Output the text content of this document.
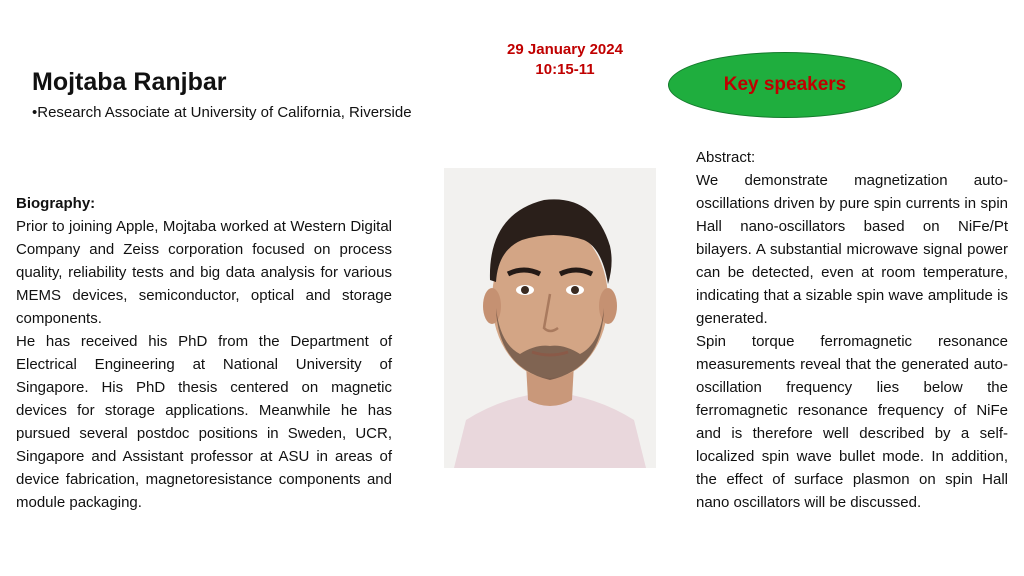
29 January 2024
10:15-11
Mojtaba Ranjbar
•Research Associate at University of California, Riverside
Key speakers

Biography:

Prior to joining Apple, Mojtaba worked at Western Digital Company and Zeiss corporation focused on process quality, reliability tests and big data analysis for various MEMS devices, semiconductor, optical and storage components.

He has received his PhD from the Department of Electrical Engineering at National University of Singapore. His PhD thesis centered on magnetic devices for storage applications. Meanwhile he has pursued several postdoc positions in Sweden, UCR, Singapore and Assistant professor at ASU in areas of device fabrication, magnetoresistance components and module packaging.

Abstract:

We demonstrate magnetization auto-oscillations driven by pure spin currents in spin Hall nano-oscillators based on NiFe/Pt bilayers. A substantial microwave signal power can be detected, even at room temperature, indicating that a sizable spin wave amplitude is generated.

Spin torque ferromagnetic resonance measurements reveal that the generated auto-oscillation frequency lies below the ferromagnetic resonance frequency of NiFe and is therefore well described by a self-localized spin wave bullet mode. In addition, the effect of surface plasmon on spin Hall nano oscillators will be discussed.
